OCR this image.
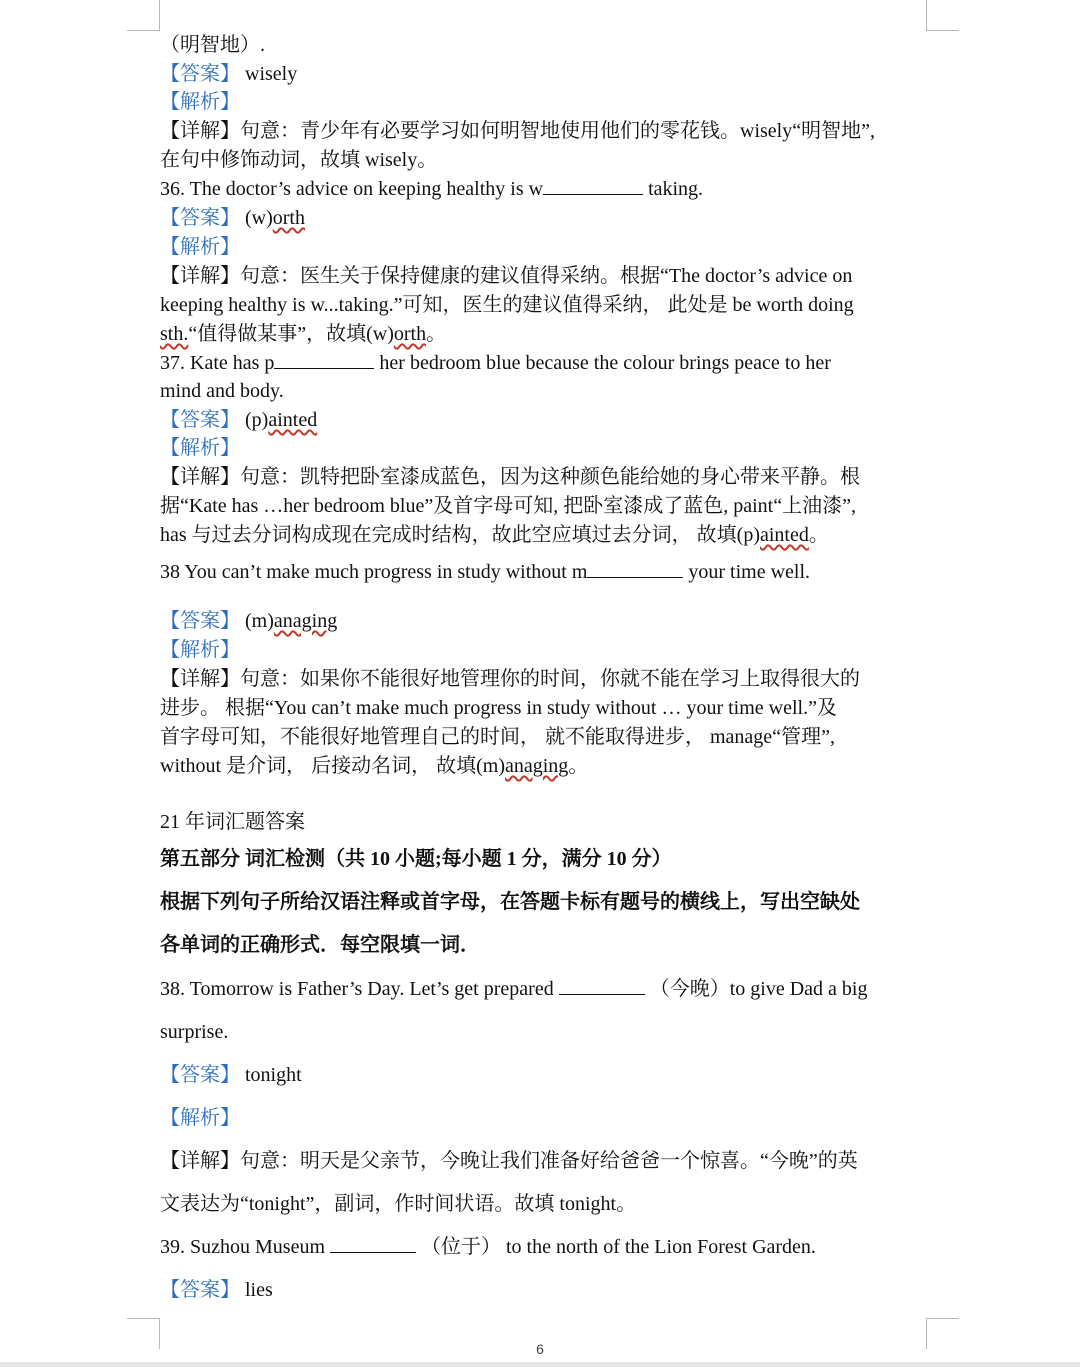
（明智地）.
【答案】 wisely
【解析】
【详解】句意：青少年有必要学习如何明智地使用他们的零花钱。wisely“明智地”,
在句中修饰动词，故填 wisely。
36. The doctor’s advice on keeping healthy is w	taking.
【答案】 (w)orth
【解析】
【详解】句意：医生关于保持健康的建议值得采纳。根据“The doctor’s advice on
keeping healthy is w...taking.”可知，医生的建议值得采纳， 此处是 be worth doing
sth.“值得做某事”，故填(w)orth。
37. Kate has p	her bedroom blue because the colour brings peace to her
mind and body.
【答案】 (p)ainted
【解析】
【详解】句意：凯特把卧室漆成蓝色，因为这种颜色能给她的身心带来平静。根
据“Kate has …her bedroom blue”及首字母可知, 把卧室漆成了蓝色, paint“上油漆”,
has 与过去分词构成现在完成时结构，故此空应填过去分词， 故填(p)ainted。
38 You can’t make much progress in study without m	your time well.
【答案】 (m)anaging
【解析】
【详解】句意：如果你不能很好地管理你的时间，你就不能在学习上取得很大的
进步。 根据“You can’t make much progress in study without … your time well.”及
首字母可知，不能很好地管理自己的时间， 就不能取得进步， manage“管理”,
without 是介词， 后接动名词， 故填(m)anaging。
21 年词汇题答案
第五部分 词汇检测（共 10 小题;每小题 1 分，满分 10 分）
根据下列句子所给汉语注释或首字母，在答题卡标有题号的横线上，写出空缺处
各单词的正确形式．每空限填一词．
38. Tomorrow is Father’s Day. Let’s get prepared	（今晚）to give Dad a big
surprise.
【答案】 tonight
【解析】
【详解】句意：明天是父亲节，今晚让我们准备好给爸爸一个惊喜。“今晚”的英
文表达为“tonight”，副词，作时间状语。故填 tonight。
39. Suzhou Museum	（位于） to the north of the Lion Forest Garden.
【答案】 lies
6
